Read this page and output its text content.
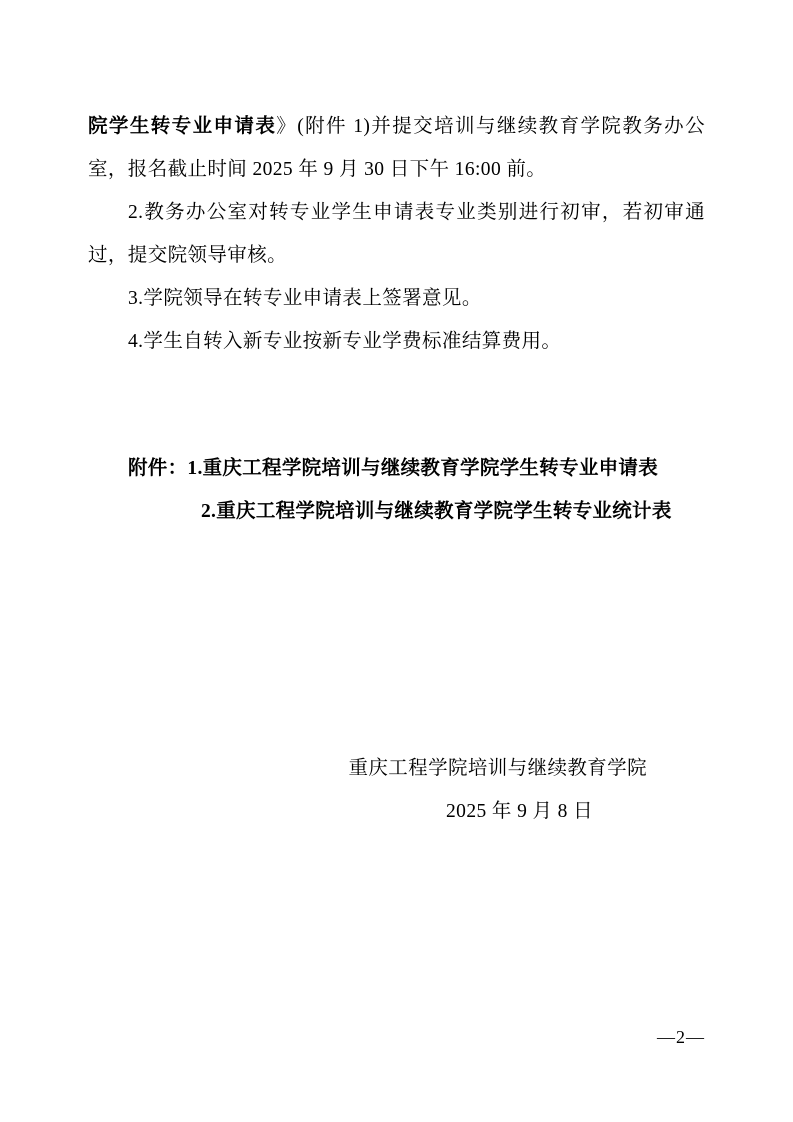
院学生转专业申请表》(附件 1)并提交培训与继续教育学院教务办公室，报名截止时间 2025 年 9 月 30 日下午 16:00 前。

2.教务办公室对转专业学生申请表专业类别进行初审，若初审通过，提交院领导审核。

3.学院领导在转专业申请表上签署意见。

4.学生自转入新专业按新专业学费标准结算费用。

附件：1.重庆工程学院培训与继续教育学院学生转专业申请表

2.重庆工程学院培训与继续教育学院学生转专业统计表

重庆工程学院培训与继续教育学院

2025 年 9 月 8 日

—2—
